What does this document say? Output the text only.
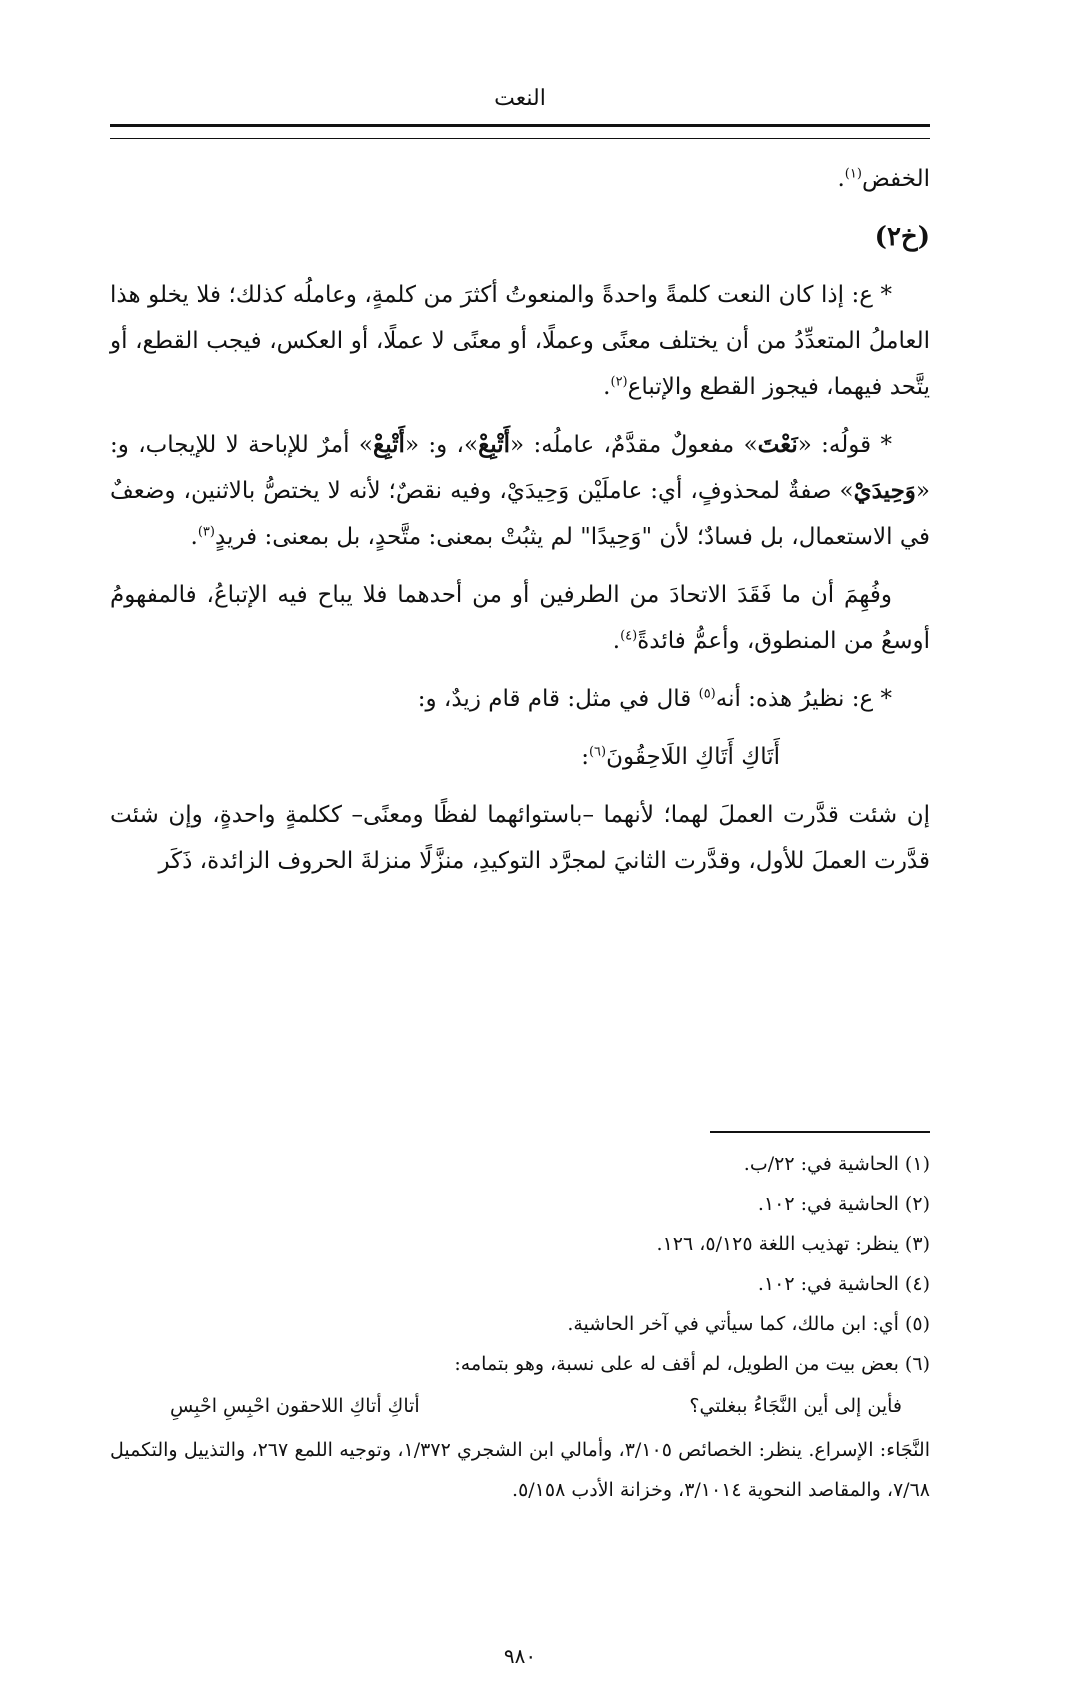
النعت

الخفض$^{(١)}$.

(خ٢)

* ع: إذا كان النعت كلمةً واحدةً والمنعوتُ أكثرَ من كلمةٍ، وعاملُه كذلك؛ فلا يخلو هذا العاملُ المتعدِّدُ من أن يختلف معنًى وعملًا، أو معنًى لا عملًا، أو العكس، فيجب القطع، أو يتَّحد فيهما، فيجوز القطع والإتباع$^{(٢)}$.

* قولُه: «نَعْتَ» مفعولٌ مقدَّمٌ، عاملُه: «أَتْبِعْ»، و: «أَتْبِعْ» أمرٌ للإباحة لا للإيجاب، و: «وَحِيدَيْ» صفةٌ لمحذوفٍ، أي: عاملَيْن وَحِيدَيْ، وفيه نقصٌ؛ لأنه لا يختصُّ بالاثنين، وضعفٌ في الاستعمال، بل فسادٌ؛ لأن "وَحِيدًا" لم يثبُتْ بمعنى: متَّحدٍ، بل بمعنى: فريدٍ$^{(٣)}$.

وفُهِمَ أن ما فَقَدَ الاتحادَ من الطرفين أو من أحدهما فلا يباح فيه الإتباعُ، فالمفهومُ أوسعُ من المنطوق، وأعمُّ فائدةً$^{(٤)}$.

* ع: نظيرُ هذه: أنه$^{(٥)}$ قال في مثل: قام قام زيدٌ، و:

أَتَاكِ أَتَاكِ اللَاحِقُونَ$^{(٦)}$:

إن شئت قدَّرت العملَ لهما؛ لأنهما –باستوائهما لفظًا ومعنًى– ككلمةٍ واحدةٍ، وإن شئت قدَّرت العملَ للأول، وقدَّرت الثانيَ لمجرَّد التوكيدِ، منزَّلًا منزلةَ الحروف الزائدة، ذَكَر

(١) الحاشية في: ٢٢/ب.

(٢) الحاشية في: ١٠٢.

(٣) ينظر: تهذيب اللغة ٥/١٢٥، ١٢٦.

(٤) الحاشية في: ١٠٢.

(٥) أي: ابن مالك، كما سيأتي في آخر الحاشية.

(٦) بعض بيت من الطويل، لم أقف له على نسبة، وهو بتمامه:

فأين إلى أين النَّجَاءُ ببغلتي؟
أتاكِ أتاكِ اللاحقون احْبِسِ احْبِسِ

النَّجَاء: الإسراع. ينظر: الخصائص ٣/١٠٥، وأمالي ابن الشجري ١/٣٧٢، وتوجيه اللمع ٢٦٧، والتذييل والتكميل ٧/٦٨، والمقاصد النحوية ٣/١٠١٤، وخزانة الأدب ٥/١٥٨.

٩٨٠
